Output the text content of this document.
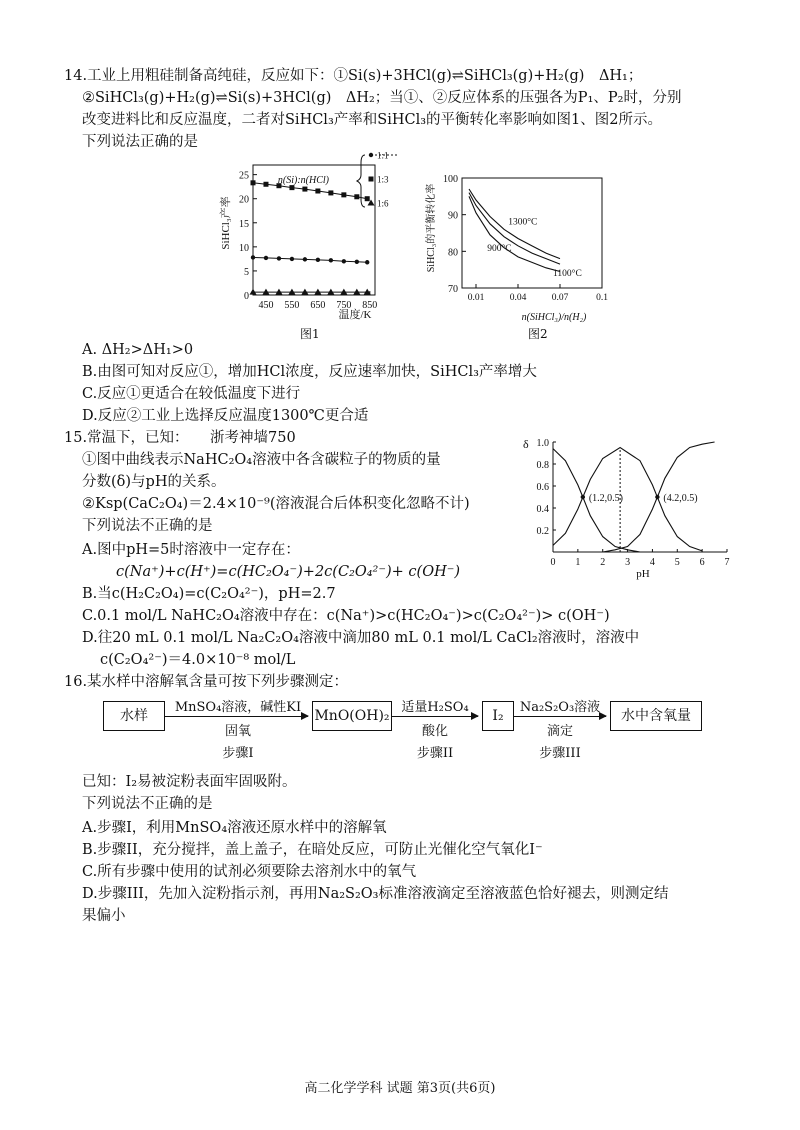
14.工业上用粗硅制备高纯硅，反应如下：①Si(s)+3HCl(g)⇌SiHCl₃(g)+H₂(g)　ΔH₁；
②SiHCl₃(g)+H₂(g)⇌Si(s)+3HCl(g)　ΔH₂；当①、②反应体系的压强各为P₁、P₂时，分别
改变进料比和反应温度，二者对SiHCl₃产率和SiHCl₃的平衡转化率影响如图1、图2所示。
下列说法正确的是
0
5
10
15
20
25
450 550 650 750 850
1:1
1:3
1:6
SiHCl₃产率
温度/K
n(Si):n(HCl)
图1
70
80
90
100
0.01	0.04	0.07	0.1
1300°C
1100°C
900°C
SiHCl₃的平衡转化率
n(SiHCl₃)/n(H₂)
图2
A. ΔH₂>ΔH₁>0
B.由图可知对反应①，增加HCl浓度，反应速率加快，SiHCl₃产率增大
C.反应①更适合在较低温度下进行
D.反应②工业上选择反应温度1300℃更合适
15.常温下，已知： 浙考神墙750
①图中曲线表示NaHC₂O₄溶液中各含碳粒子的物质的量
分数(δ)与pH的关系。
②Ksp(CaC₂O₄)＝2.4×10⁻⁹(溶液混合后体积变化忽略不计)
下列说法不正确的是	0.2
0.4
0.6
0.8
1.0
0 1 2 3 4 5 6 7
δ
pH
(1.2,0.5)	(4.2,0.5)
A.图中pH=5时溶液中一定存在：
c(Na⁺)+c(H⁺)=c(HC₂O₄⁻)+2c(C₂O₄²⁻)+ c(OH⁻)
B.当c(H₂C₂O₄)=c(C₂O₄²⁻)，pH=2.7
C.0.1 mol/L NaHC₂O₄溶液中存在：c(Na⁺)>c(HC₂O₄⁻)>c(C₂O₄²⁻)> c(OH⁻)
D.往20 mL 0.1 mol/L Na₂C₂O₄溶液中滴加80 mL 0.1 mol/L CaCl₂溶液时，溶液中
c(C₂O₄²⁻)＝4.0×10⁻⁸ mol/L
16.某水样中溶解氧含量可按下列步骤测定：
水样
MnSO₄溶液，碱性KI
固氧
步骤I
MnO(OH)₂
适量H₂SO₄
酸化
步骤II
I₂
Na₂S₂O₃溶液
滴定
步骤III
水中含氧量
已知：I₂易被淀粉表面牢固吸附。
下列说法不正确的是
A.步骤I，利用MnSO₄溶液还原水样中的溶解氧
B.步骤II，充分搅拌，盖上盖子，在暗处反应，可防止光催化空气氧化I⁻
C.所有步骤中使用的试剂必须要除去溶剂水中的氧气
D.步骤III，先加入淀粉指示剂，再用Na₂S₂O₃标准溶液滴定至溶液蓝色恰好褪去，则测定结
果偏小
高二化学学科 试题 第3页(共6页)
